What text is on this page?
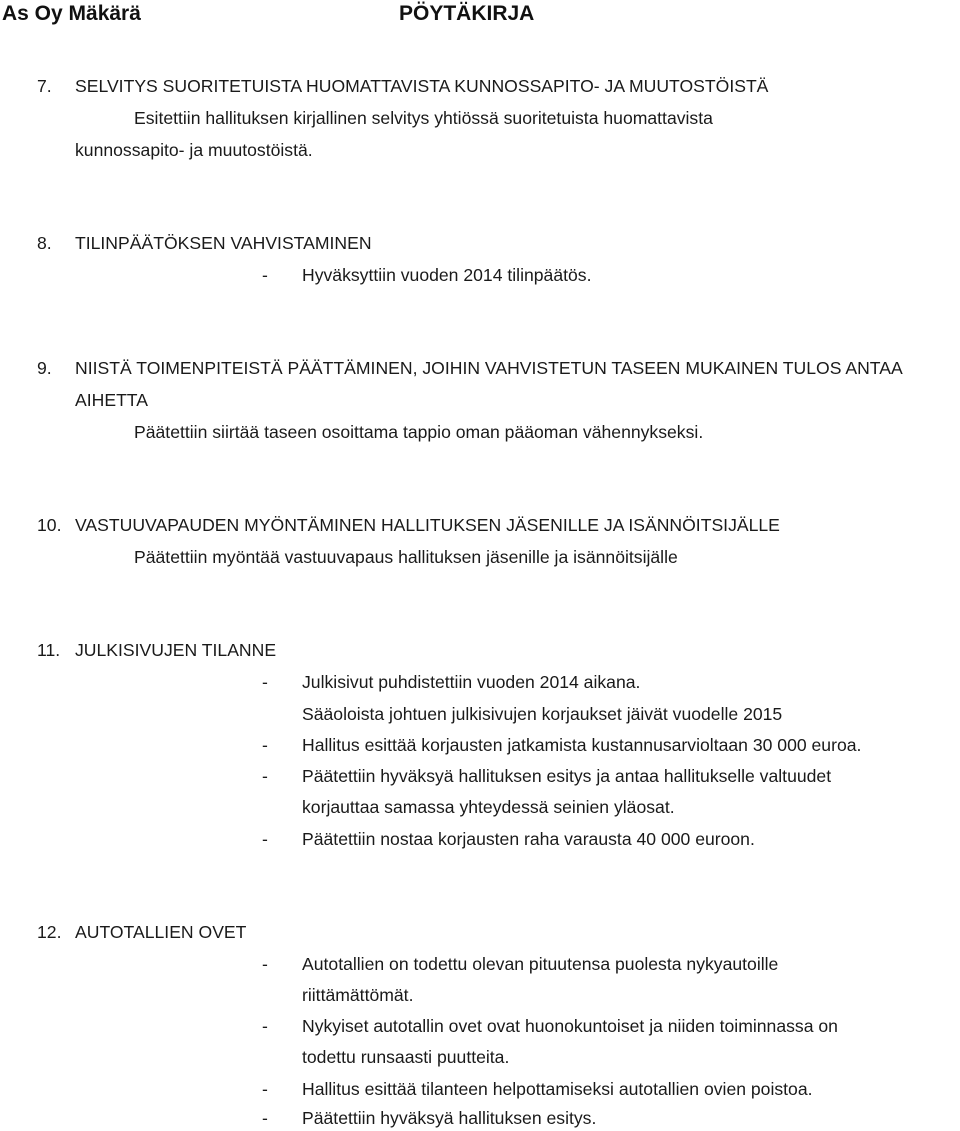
As Oy Mäkärä	PÖYTÄKIRJA
7. SELVITYS SUORITETUISTA HUOMATTAVISTA KUNNOSSAPITO- JA MUUTOSTÖISTÄ
Esitettiin hallituksen kirjallinen selvitys yhtiössä suoritetuista huomattavista
kunnossapito- ja muutostöistä.
8. TILINPÄÄTÖKSEN VAHVISTAMINEN
- Hyväksyttiin vuoden 2014 tilinpäätös.
9. NIISTÄ TOIMENPITEISTÄ PÄÄTTÄMINEN, JOIHIN VAHVISTETUN TASEEN MUKAINEN TULOS ANTAA
AIHETTA
Päätettiin siirtää taseen osoittama tappio oman pääoman vähennykseksi.
10. VASTUUVAPAUDEN MYÖNTÄMINEN HALLITUKSEN JÄSENILLE JA ISÄNNÖITSIJÄLLE
Päätettiin myöntää vastuuvapaus hallituksen jäsenille ja isännöitsijälle
11. JULKISIVUJEN TILANNE
- Julkisivut puhdistettiin vuoden 2014 aikana.
Sääoloista johtuen julkisivujen korjaukset jäivät vuodelle 2015
- Hallitus esittää korjausten jatkamista kustannusarvioltaan 30 000 euroa.
- Päätettiin hyväksyä hallituksen esitys ja antaa hallitukselle valtuudet
korjauttaa samassa yhteydessä seinien yläosat.
- Päätettiin nostaa korjausten raha varausta 40 000 euroon.
12. AUTOTALLIEN OVET
- Autotallien on todettu olevan pituutensa puolesta nykyautoille
riittämättömät.
- Nykyiset autotallin ovet ovat huonokuntoiset ja niiden toiminnassa on
todettu runsaasti puutteita.
- Hallitus esittää tilanteen helpottamiseksi autotallien ovien poistoa.
- Päätettiin hyväksyä hallituksen esitys.
